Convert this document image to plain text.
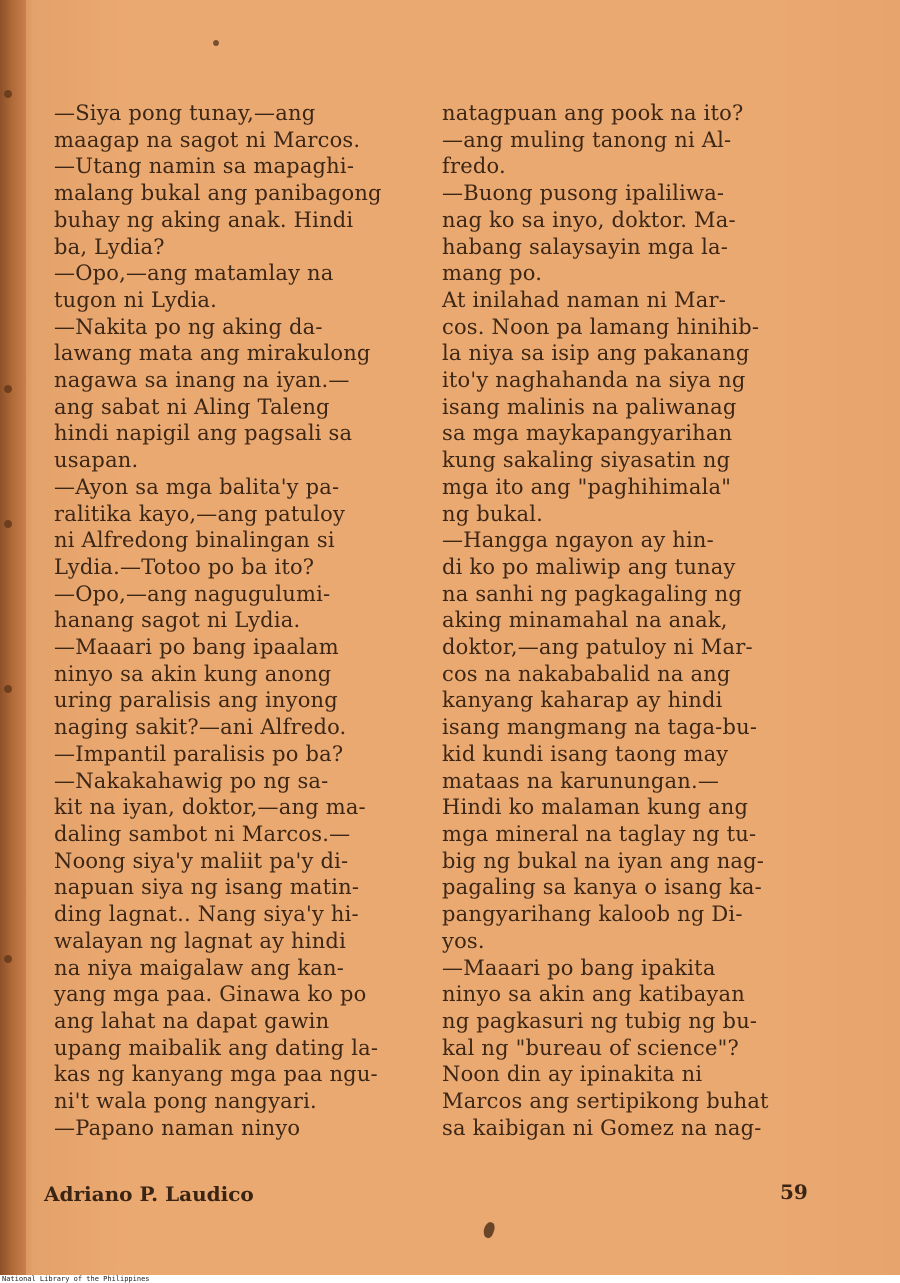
—Siya pong tunay,—ang
maagap na sagot ni Marcos.

—Utang namin sa mapaghi-
malang bukal ang panibagong
buhay ng aking anak. Hindi
ba, Lydia?

—Opo,—ang matamlay na
tugon ni Lydia.

—Nakita po ng aking da-
lawang mata ang mirakulong
nagawa sa inang na iyan.—
ang sabat ni Aling Taleng
hindi napigil ang pagsali sa
usapan.

—Ayon sa mga balita'y pa-
ralitika kayo,—ang patuloy
ni Alfredong binalingan si
Lydia.—Totoo po ba ito?

—Opo,—ang nagugulumi-
hanang sagot ni Lydia.

—Maaari po bang ipaalam
ninyo sa akin kung anong
uring paralisis ang inyong
naging sakit?—ani Alfredo.
—Impantil paralisis po ba?

—Nakakahawig po ng sa-
kit na iyan, doktor,—ang ma-
daling sambot ni Marcos.—
Noong siya'y maliit pa'y di-
napuan siya ng isang matin-
ding lagnat.. Nang siya'y hi-
walayan ng lagnat ay hindi
na niya maigalaw ang kan-
yang mga paa. Ginawa ko po
ang lahat na dapat gawin
upang maibalik ang dating la-
kas ng kanyang mga paa ngu-
ni't wala pong nangyari.

—Papano naman ninyo

natagpuan ang pook na ito?
—ang muling tanong ni Al-
fredo.

—Buong pusong ipaliliwa-
nag ko sa inyo, doktor. Ma-
habang salaysayin mga la-
mang po.

At inilahad naman ni Mar-
cos. Noon pa lamang hinihib-
la niya sa isip ang pakanang
ito'y naghahanda na siya ng
isang malinis na paliwanag
sa mga maykapangyarihan
kung sakaling siyasatin ng
mga ito ang "paghihimala"
ng bukal.

—Hangga ngayon ay hin-
di ko po maliwip ang tunay
na sanhi ng pagkagaling ng
aking minamahal na anak,
doktor,—ang patuloy ni Mar-
cos na nakababalid na ang
kanyang kaharap ay hindi
isang mangmang na taga-bu-
kid kundi isang taong may
mataas na karunungan.—
Hindi ko malaman kung ang
mga mineral na taglay ng tu-
big ng bukal na iyan ang nag-
pagaling sa kanya o isang ka-
pangyarihang kaloob ng Di-
yos.

—Maaari po bang ipakita
ninyo sa akin ang katibayan
ng pagkasuri ng tubig ng bu-
kal ng "bureau of science"?

Noon din ay ipinakita ni
Marcos ang sertipikong buhat
sa kaibigan ni Gomez na nag-

Adriano P. Laudico	59
National Library of the Philippines
